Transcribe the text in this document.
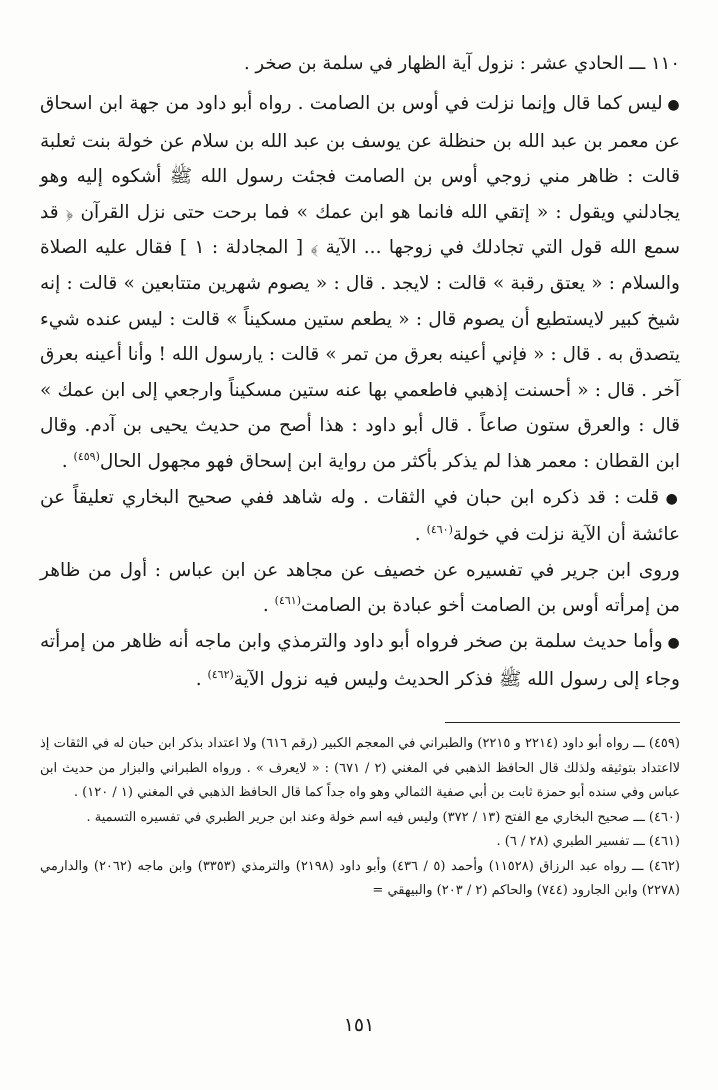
١١٠ ـــ الحادي عشر : نزول آية الظهار في سلمة بن صخر .

● ليس كما قال وإنما نزلت في أوس بن الصامت . رواه أبو داود من جهة ابن اسحاق عن معمر بن عبد الله بن حنظلة عن يوسف بن عبد الله بن سلام عن خولة بنت ثعلبة قالت : ظاهر مني زوجي أوس بن الصامت فجئت رسول الله ﷺ أشكوه إليه وهو يجادلني ويقول : « إتقي الله فانما هو ابن عمك » فما برحت حتى نزل القرآن ﴿ قد سمع الله قول التي تجادلك في زوجها ... الآية ﴾ [ المجادلة : ١ ] فقال عليه الصلاة والسلام : « يعتق رقبة » قالت : لايجد . قال : « يصوم شهرين متتابعين » قالت : إنه شيخ كبير لايستطيع أن يصوم قال : « يطعم ستين مسكيناً » قالت : ليس عنده شيء يتصدق به . قال : « فإني أعينه بعرق من تمر » قالت : يارسول الله ! وأنا أعينه بعرق آخر . قال : « أحسنت إذهبي فاطعمي بها عنه ستين مسكيناً وارجعي إلى ابن عمك » قال : والعرق ستون صاعاً . قال أبو داود : هذا أصح من حديث يحيى بن آدم. وقال ابن القطان : معمر هذا لم يذكر بأكثر من رواية ابن إسحاق فهو مجهول الحال$^{(٤٥٩)}$ .

● قلت : قد ذكره ابن حبان في الثقات . وله شاهد ففي صحيح البخاري تعليقاً عن عائشة أن الآية نزلت في خولة$^{(٤٦٠)}$ .

وروى ابن جرير في تفسيره عن خصيف عن مجاهد عن ابن عباس : أول من ظاهر من إمرأته أوس بن الصامت أخو عبادة بن الصامت$^{(٤٦١)}$ .

● وأما حديث سلمة بن صخر فرواه أبو داود والترمذي وابن ماجه أنه ظاهر من إمرأته وجاء إلى رسول الله ﷺ فذكر الحديث وليس فيه نزول الآية$^{(٤٦٢)}$ .

(٤٥٩) ـــ رواه أبو داود (٢٢١٤ و ٢٢١٥) والطبراني في المعجم الكبير (رقم ٦١٦) ولا اعتداد بذكر ابن حبان له في الثقات إذ لااعتداد بتوثيقه ولذلك قال الحافظ الذهبي في المغني (٢ / ٦٧١) : « لايعرف » . ورواه الطبراني والبزار من حديث ابن عباس وفي سنده أبو حمزة ثابت بن أبي صفية الثمالي وهو واه جداً كما قال الحافظ الذهبي في المغني (١ / ١٢٠) .

(٤٦٠) ـــ صحيح البخاري مع الفتح (١٣ / ٣٧٢) وليس فيه اسم خولة وعند ابن جرير الطبري في تفسيره التسمية .

(٤٦١) ـــ تفسير الطبري (٢٨ / ٦) .

(٤٦٢) ـــ رواه عبد الرزاق (١١٥٢٨) وأحمد (٥ / ٤٣٦) وأبو داود (٢١٩٨) والترمذي (٣٣٥٣) وابن ماجه (٢٠٦٢) والدارمي (٢٢٧٨) وابن الجارود (٧٤٤) والحاكم (٢ / ٢٠٣) والبيهقي =

١٥١
